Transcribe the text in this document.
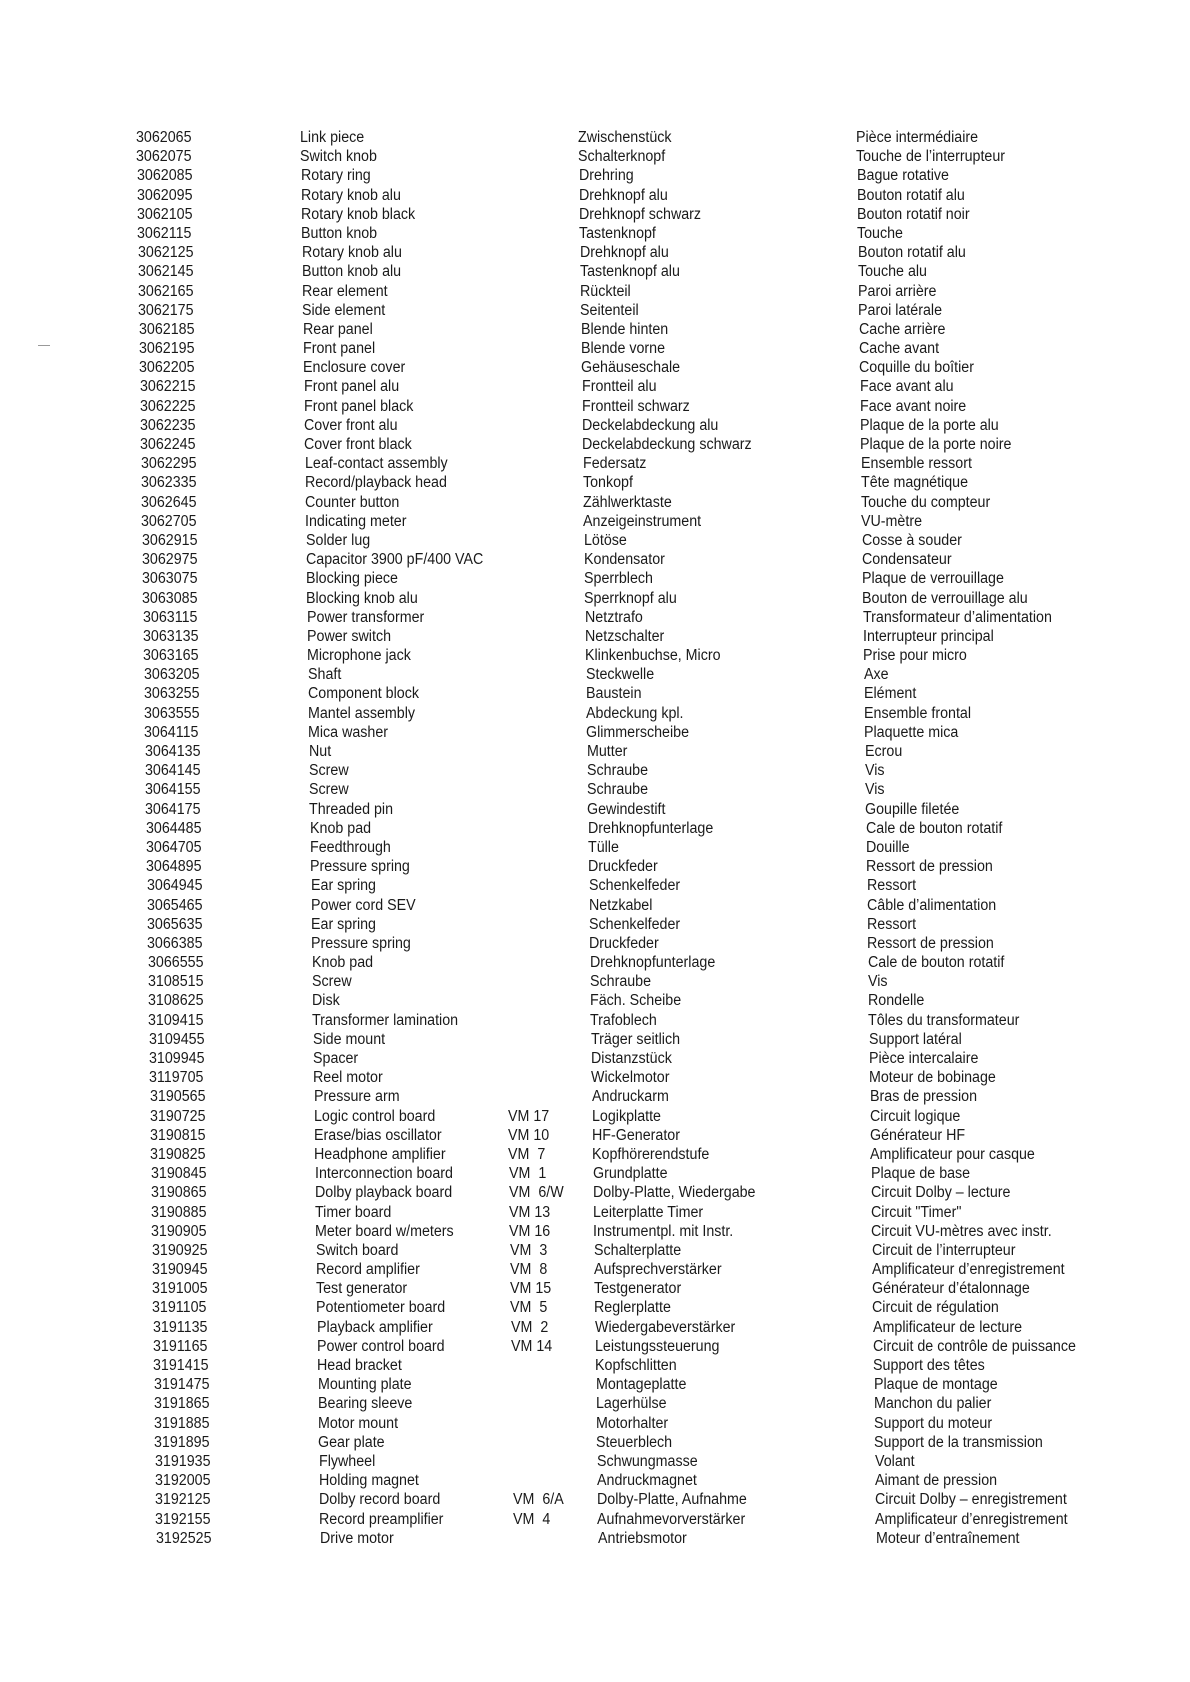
3062065	Link piece	Zwischenstück	Pièce intermédiaire
3062075	Switch knob	Schalterknopf	Touche de l’interrupteur
3062085	Rotary ring	Drehring	Bague rotative
3062095	Rotary knob alu	Drehknopf alu	Bouton rotatif alu
3062105	Rotary knob black	Drehknopf schwarz	Bouton rotatif noir
3062115	Button knob	Tastenknopf	Touche
3062125	Rotary knob alu	Drehknopf alu	Bouton rotatif alu
3062145	Button knob alu	Tastenknopf alu	Touche alu
3062165	Rear element	Rückteil	Paroi arrière
3062175	Side element	Seitenteil	Paroi latérale
3062185	Rear panel	Blende hinten	Cache arrière
3062195	Front panel	Blende vorne	Cache avant
3062205	Enclosure cover	Gehäuseschale	Coquille du boîtier
3062215	Front panel alu	Frontteil alu	Face avant alu
3062225	Front panel black	Frontteil schwarz	Face avant noire
3062235	Cover front alu	Deckelabdeckung alu	Plaque de la porte alu
3062245	Cover front black	Deckelabdeckung schwarz	Plaque de la porte noire
3062295	Leaf-contact assembly	Federsatz	Ensemble ressort
3062335	Record/playback head	Tonkopf	Tête magnétique
3062645	Counter button	Zählwerktaste	Touche du compteur
3062705	Indicating meter	Anzeigeinstrument	VU-mètre
3062915	Solder lug	Lötöse	Cosse à souder
3062975	Capacitor 3900 pF/400 VAC	Kondensator	Condensateur
3063075	Blocking piece	Sperrblech	Plaque de verrouillage
3063085	Blocking knob alu	Sperrknopf alu	Bouton de verrouillage alu
3063115	Power transformer	Netztrafo	Transformateur d’alimentation
3063135	Power switch	Netzschalter	Interrupteur principal
3063165	Microphone jack	Klinkenbuchse, Micro	Prise pour micro
3063205	Shaft	Steckwelle	Axe
3063255	Component block	Baustein	Elément
3063555	Mantel assembly	Abdeckung kpl.	Ensemble frontal
3064115	Mica washer	Glimmerscheibe	Plaquette mica
3064135	Nut	Mutter	Ecrou
3064145	Screw	Schraube	Vis
3064155	Screw	Schraube	Vis
3064175	Threaded pin	Gewindestift	Goupille filetée
3064485	Knob pad	Drehknopfunterlage	Cale de bouton rotatif
3064705	Feedthrough	Tülle	Douille
3064895	Pressure spring	Druckfeder	Ressort de pression
3064945	Ear spring	Schenkelfeder	Ressort
3065465	Power cord SEV	Netzkabel	Câble d’alimentation
3065635	Ear spring	Schenkelfeder	Ressort
3066385	Pressure spring	Druckfeder	Ressort de pression
3066555	Knob pad	Drehknopfunterlage	Cale de bouton rotatif
3108515	Screw	Schraube	Vis
3108625	Disk	Fäch. Scheibe	Rondelle
3109415	Transformer lamination	Trafoblech	Tôles du transformateur
3109455	Side mount	Träger seitlich	Support latéral
3109945	Spacer	Distanzstück	Pièce intercalaire
3119705	Reel motor	Wickelmotor	Moteur de bobinage
3190565	Pressure arm	Andruckarm	Bras de pression
3190725	Logic control board	VM 17	Logikplatte	Circuit logique
3190815	Erase/bias oscillator	VM 10	HF-Generator	Générateur HF
3190825	Headphone amplifier	VM  7	Kopfhörerendstufe	Amplificateur pour casque
3190845	Interconnection board	VM  1	Grundplatte	Plaque de base
3190865	Dolby playback board	VM  6/W Dolby-Platte, Wiedergabe	Circuit Dolby – lecture
3190885	Timer board	VM 13	Leiterplatte Timer	Circuit "Timer"
3190905	Meter board w/meters	VM 16	Instrumentpl. mit Instr.	Circuit VU-mètres avec instr.
3190925	Switch board	VM  3	Schalterplatte	Circuit de l’interrupteur
3190945	Record amplifier	VM  8	Aufsprechverstärker	Amplificateur d’enregistrement
3191005	Test generator	VM 15	Testgenerator	Générateur d’étalonnage
3191105	Potentiometer board	VM  5	Reglerplatte	Circuit de régulation
3191135	Playback amplifier	VM  2	Wiedergabeverstärker	Amplificateur de lecture
3191165	Power control board	VM 14	Leistungssteuerung	Circuit de contrôle de puissance
3191415	Head bracket	Kopfschlitten	Support des têtes
3191475	Mounting plate	Montageplatte	Plaque de montage
3191865	Bearing sleeve	Lagerhülse	Manchon du palier
3191885	Motor mount	Motorhalter	Support du moteur
3191895	Gear plate	Steuerblech	Support de la transmission
3191935	Flywheel	Schwungmasse	Volant
3192005	Holding magnet	Andruckmagnet	Aimant de pression
3192125	Dolby record board	VM  6/A Dolby-Platte, Aufnahme	Circuit Dolby – enregistrement
3192155	Record preamplifier	VM  4	Aufnahmevorverstärker	Amplificateur d’enregistrement
3192525	Drive motor	Antriebsmotor	Moteur d’entraînement
